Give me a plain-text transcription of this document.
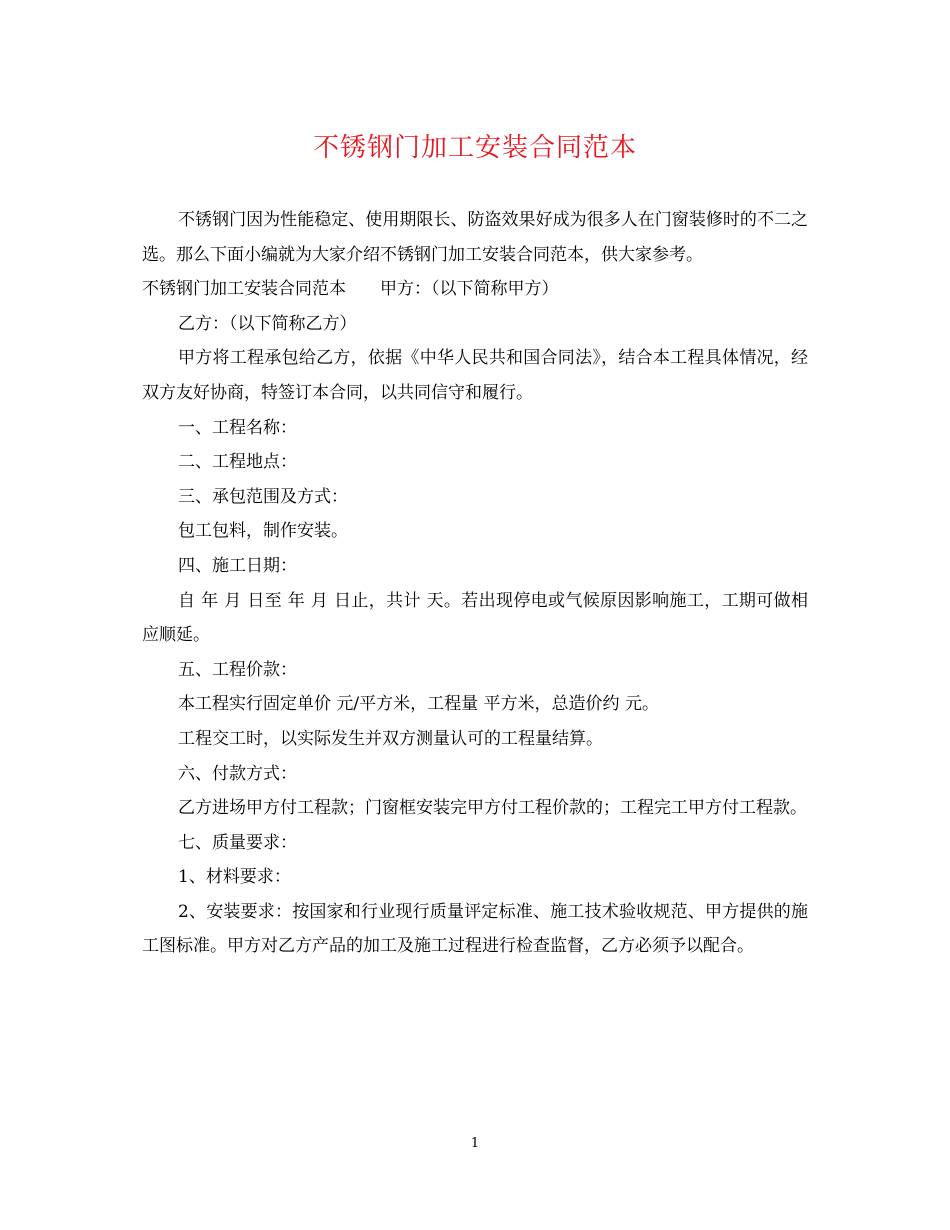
不锈钢门加工安装合同范本

不锈钢门因为性能稳定、使用期限长、防盗效果好成为很多人在门窗装修时的不二之选。那么下面小编就为大家介绍不锈钢门加工安装合同范本，供大家参考。

不锈钢门加工安装合同范本　　甲方：（以下简称甲方）

乙方：（以下简称乙方）

甲方将工程承包给乙方，依据《中华人民共和国合同法》，结合本工程具体情况，经双方友好协商，特签订本合同，以共同信守和履行。

一、工程名称：

二、工程地点：

三、承包范围及方式：

包工包料，制作安装。

四、施工日期：

自 年 月 日至 年 月 日止，共计 天。若出现停电或气候原因影响施工，工期可做相应顺延。

五、工程价款：

本工程实行固定单价 元/平方米，工程量 平方米，总造价约 元。

工程交工时，以实际发生并双方测量认可的工程量结算。

六、付款方式：

乙方进场甲方付工程款；门窗框安装完甲方付工程价款的；工程完工甲方付工程款。

七、质量要求：

1、材料要求：

2、安装要求：按国家和行业现行质量评定标准、施工技术验收规范、甲方提供的施工图标准。甲方对乙方产品的加工及施工过程进行检查监督，乙方必须予以配合。

1
